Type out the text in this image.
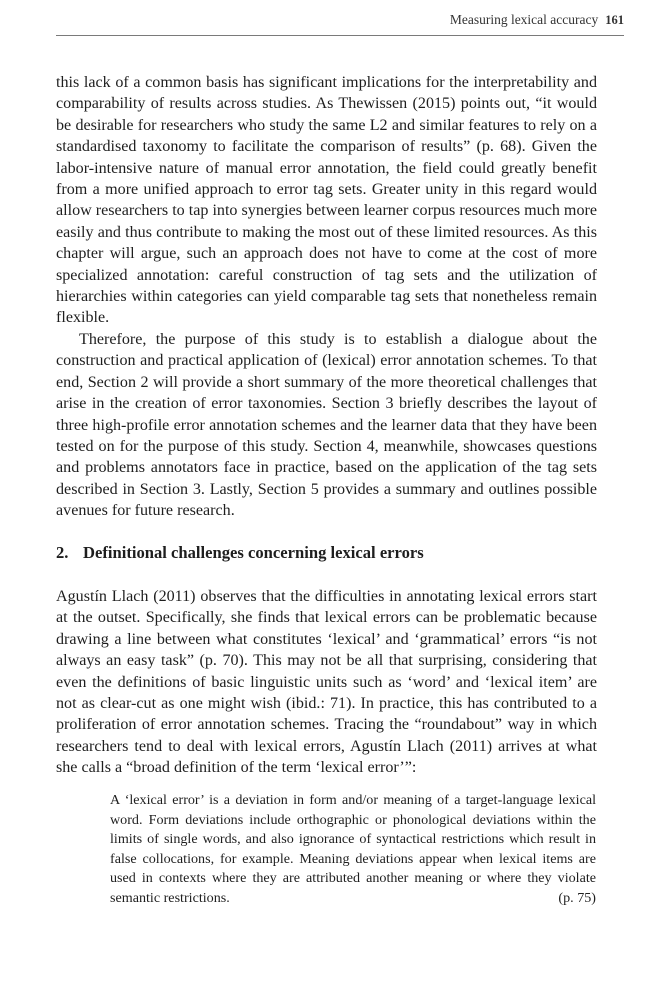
Measuring lexical accuracy 161

this lack of a common basis has significant implications for the interpretability and comparability of results across studies. As Thewissen (2015) points out, “it would be desirable for researchers who study the same L2 and similar features to rely on a standardised taxonomy to facilitate the comparison of results” (p. 68). Given the labor-intensive nature of manual error annotation, the field could greatly benefit from a more unified approach to error tag sets. Greater unity in this regard would allow researchers to tap into synergies between learner corpus resources much more easily and thus contribute to making the most out of these limited resources. As this chapter will argue, such an approach does not have to come at the cost of more specialized annotation: careful construction of tag sets and the utilization of hierarchies within categories can yield comparable tag sets that nonetheless remain flexible.

Therefore, the purpose of this study is to establish a dialogue about the construction and practical application of (lexical) error annotation schemes. To that end, Section 2 will provide a short summary of the more theoretical challenges that arise in the creation of error taxonomies. Section 3 briefly describes the layout of three high-profile error annotation schemes and the learner data that they have been tested on for the purpose of this study. Section 4, meanwhile, showcases questions and problems annotators face in practice, based on the application of the tag sets described in Section 3. Lastly, Section 5 provides a summary and outlines possible avenues for future research.

2. Definitional challenges concerning lexical errors

Agustín Llach (2011) observes that the difficulties in annotating lexical errors start at the outset. Specifically, she finds that lexical errors can be problematic because drawing a line between what constitutes ‘lexical’ and ‘grammatical’ errors “is not always an easy task” (p. 70). This may not be all that surprising, considering that even the definitions of basic linguistic units such as ‘word’ and ‘lexical item’ are not as clear-cut as one might wish (ibid.: 71). In practice, this has contributed to a proliferation of error annotation schemes. Tracing the “roundabout” way in which researchers tend to deal with lexical errors, Agustín Llach (2011) arrives at what she calls a “broad definition of the term ‘lexical error’”:

A ‘lexical error’ is a deviation in form and/or meaning of a target-language lexical word. Form deviations include orthographic or phonological deviations within the limits of single words, and also ignorance of syntactical restrictions which result in false collocations, for example. Meaning deviations appear when lexical items are used in contexts where they are attributed another meaning or where they violate semantic restrictions.	(p. 75)
